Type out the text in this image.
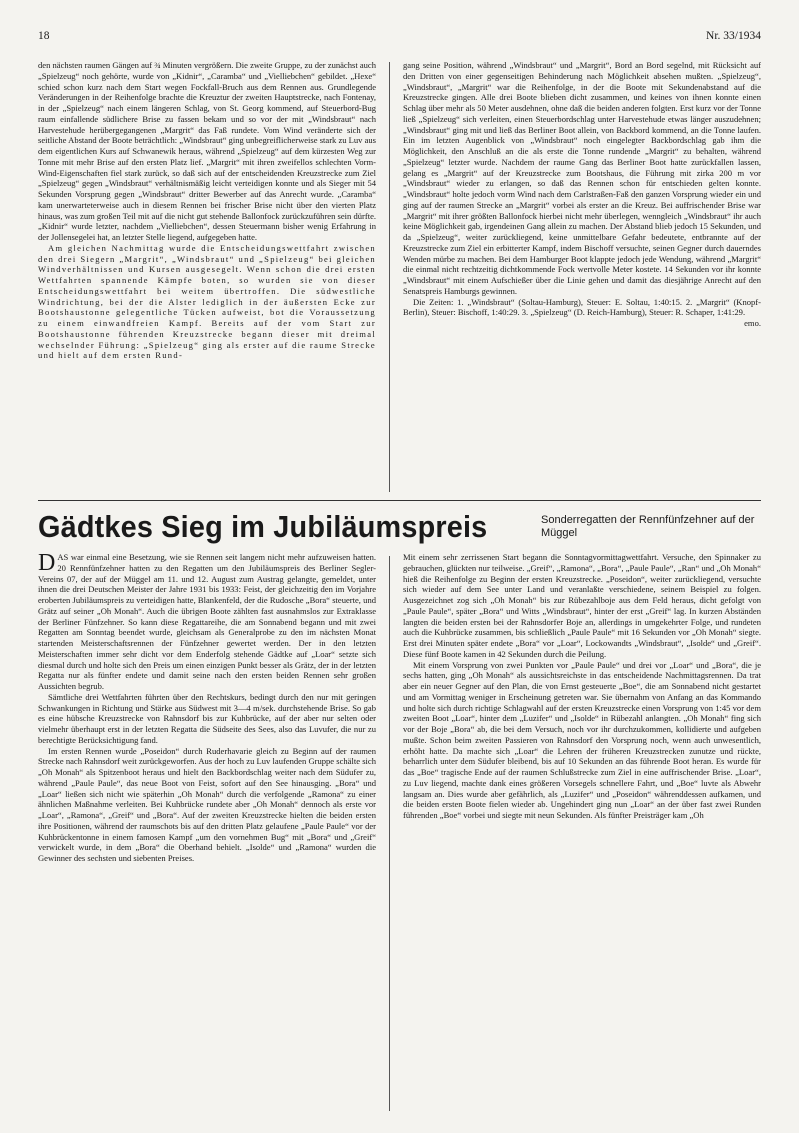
18	Nr. 33/1934

den nächsten raumen Gängen auf ¾ Minuten vergrößern. Die zweite Gruppe, zu der zunächst auch „Spielzeug“ noch gehörte, wurde von „Kidnir“, „Caramba“ und „Vielliebchen“ gebildet. „Hexe“ schied schon kurz nach dem Start wegen Fockfall-Bruch aus dem Rennen aus. Grundlegende Veränderungen in der Reihenfolge brachte die Kreuztur der zweiten Hauptstrecke, nach Fontenay, in der „Spielzeug“ nach einem längeren Schlag, von St. Georg kommend, auf Steuerbord-Bug raum einfallende südlichere Brise zu fassen bekam und so vor der mit „Windsbraut“ nach Harvestehude herübergegangenen „Margrit“ das Faß rundete. Vom Wind veränderte sich der seitliche Abstand der Boote beträchtlich: „Windsbraut“ ging unbegreiflicherweise stark zu Luv aus dem eigentlichen Kurs auf Schwanewik heraus, während „Spielzeug“ auf dem kürzesten Weg zur Tonne mit mehr Brise auf den ersten Platz lief. „Margrit“ mit ihren zweifellos schlechten Vorm-Wind-Eigenschaften fiel stark zurück, so daß sich auf der entscheidenden Kreuzstrecke zum Ziel „Spielzeug“ gegen „Windsbraut“ verhältnismäßig leicht verteidigen konnte und als Sieger mit 54 Sekunden Vorsprung gegen „Windsbraut“ dritter Bewerber auf das Anrecht wurde. „Caramba“ kam unerwarteterweise auch in diesem Rennen bei frischer Brise nicht über den vierten Platz hinaus, was zum großen Teil mit auf die nicht gut stehende Ballonfock zurückzuführen sein dürfte. „Kidnir“ wurde letzter, nachdem „Vielliebchen“, dessen Steuermann bisher wenig Erfahrung in der Jollensegelei hat, an letzter Stelle liegend, aufgegeben hatte.

Am gleichen Nachmittag wurde die Entscheidungswettfahrt zwischen den drei Siegern „Margrit“, „Windsbraut“ und „Spielzeug“ bei gleichen Windverhältnissen und Kursen ausgesegelt. Wenn schon die drei ersten Wettfahrten spannende Kämpfe boten, so wurden sie von dieser Entscheidungswettfahrt bei weitem übertroffen. Die südwestliche Windrichtung, bei der die Alster lediglich in der äußersten Ecke zur Bootshaustonne gelegentliche Tücken aufweist, bot die Voraussetzung zu einem einwandfreien Kampf. Bereits auf der vom Start zur Bootshaustonne führenden Kreuzstrecke begann dieser mit dreimal wechselnder Führung: „Spielzeug“ ging als erster auf die raume Strecke und hielt auf dem ersten Rund-

gang seine Position, während „Windsbraut“ und „Margrit“, Bord an Bord segelnd, mit Rücksicht auf den Dritten von einer gegenseitigen Behinderung nach Möglichkeit absehen mußten. „Spielzeug“, „Windsbraut“, „Margrit“ war die Reihenfolge, in der die Boote mit Sekundenabstand auf die Kreuzstrecke gingen. Alle drei Boote blieben dicht zusammen, und keines von ihnen konnte einen Schlag über mehr als 50 Meter ausdehnen, ohne daß die beiden anderen folgten. Erst kurz vor der Tonne ließ „Spielzeug“ sich verleiten, einen Steuerbordschlag unter Harvestehude etwas länger auszudehnen; „Windsbraut“ ging mit und ließ das Berliner Boot allein, von Backbord kommend, an die Tonne laufen. Ein im letzten Augenblick von „Windsbraut“ noch eingelegter Backbordschlag gab ihm die Möglichkeit, den Anschluß an die als erste die Tonne rundende „Margrit“ zu behalten, während „Spielzeug“ letzter wurde. Nachdem der raume Gang das Berliner Boot hatte zurückfallen lassen, gelang es „Margrit“ auf der Kreuzstrecke zum Bootshaus, die Führung mit zirka 200 m vor „Windsbraut“ wieder zu erlangen, so daß das Rennen schon für entschieden gelten konnte. „Windsbraut“ holte jedoch vorm Wind nach dem Carlstraßen-Faß den ganzen Vorsprung wieder ein und ging auf der raumen Strecke an „Margrit“ vorbei als erster an die Kreuz. Bei auffrischender Brise war „Margrit“ mit ihrer größten Ballonfock hierbei nicht mehr überlegen, wenngleich „Windsbraut“ ihr auch keine Möglichkeit gab, irgendeinen Gang allein zu machen. Der Abstand blieb jedoch 15 Sekunden, und da „Spielzeug“, weiter zurückliegend, keine unmittelbare Gefahr bedeutete, entbrannte auf der Kreuzstrecke zum Ziel ein erbitterter Kampf, indem Bischoff versuchte, seinen Gegner durch dauerndes Wenden mürbe zu machen. Bei dem Hamburger Boot klappte jedoch jede Wendung, während „Margrit“ die einmal nicht rechtzeitig dichtkommende Fock wertvolle Meter kostete. 14 Sekunden vor ihr konnte „Windsbraut“ mit einem Aufschießer über die Linie gehen und damit das diesjährige Anrecht auf den Senatspreis Hamburgs gewinnen.

Die Zeiten: 1. „Windsbraut“ (Soltau-Hamburg), Steuer: E. Soltau, 1:40:15. 2. „Margrit“ (Knopf-Berlin), Steuer: Bischoff, 1:40:29. 3. „Spielzeug“ (D. Reich-Hamburg), Steuer: R. Schaper, 1:41:29.

emo.

Gädtkes Sieg im Jubiläumspreis	Sonderregatten der Rennfünfzehner auf der Müggel

DAS war einmal eine Besetzung, wie sie Rennen seit langem nicht mehr aufzuweisen hatten. 20 Rennfünfzehner hatten zu den Regatten um den Jubiläumspreis des Berliner Segler-Vereins 07, der auf der Müggel am 11. und 12. August zum Austrag gelangte, gemeldet, unter ihnen die drei Deutschen Meister der Jahre 1931 bis 1933: Feist, der gleichzeitig den im Vorjahre eroberten Jubiläumspreis zu verteidigen hatte, Blankenfeld, der die Rudosche „Bora“ steuerte, und Grätz auf seiner „Oh Monah“. Auch die übrigen Boote zählten fast ausnahmslos zur Extraklasse der Berliner Fünfzehner. So kann diese Regattareihe, die am Sonnabend begann und mit zwei Regatten am Sonntag beendet wurde, gleichsam als Generalprobe zu den im nächsten Monat startenden Meisterschaftsrennen der Fünfzehner gewertet werden. Der in den letzten Meisterschaften immer sehr dicht vor dem Enderfolg stehende Gädtke auf „Loar“ setzte sich diesmal durch und holte sich den Preis um einen einzigen Punkt besser als Grätz, der in der letzten Regatta nur als fünfter endete und damit seine nach den ersten beiden Rennen sehr großen Aussichten begrub.

Sämtliche drei Wettfahrten führten über den Rechtskurs, bedingt durch den nur mit geringen Schwankungen in Richtung und Stärke aus Südwest mit 3—4 m/sek. durchstehende Brise. So gab es eine hübsche Kreuzstrecke von Rahnsdorf bis zur Kuhbrücke, auf der aber nur selten oder vielmehr überhaupt erst in der letzten Regatta die Südseite des Sees, also das Luvufer, die nur zu berechtigte Berücksichtigung fand.

Im ersten Rennen wurde „Poseidon“ durch Ruderhavarie gleich zu Beginn auf der raumen Strecke nach Rahnsdorf weit zurückgeworfen. Aus der hoch zu Luv laufenden Gruppe schälte sich „Oh Monah“ als Spitzenboot heraus und hielt den Backbordschlag weiter nach dem Südufer zu, während „Paule Paule“, das neue Boot von Feist, sofort auf den See hinausging. „Bora“ und „Loar“ ließen sich nicht wie späterhin „Oh Monah“ durch die verfolgende „Ramona“ zu einer ähnlichen Maßnahme verleiten. Bei Kuhbrücke rundete aber „Oh Monah“ dennoch als erste vor „Loar“, „Ramona“, „Greif“ und „Bora“. Auf der zweiten Kreuzstrecke hielten die beiden ersten ihre Positionen, während der raumschots bis auf den dritten Platz gelaufene „Paule Paule“ vor der Kuhbrückentonne in einem famosen Kampf „um den vornehmen Bug“ mit „Bora“ und „Greif“ verwickelt wurde, in dem „Bora“ die Oberhand behielt. „Isolde“ und „Ramona“ wurden die Gewinner des sechsten und siebenten Preises.

Mit einem sehr zerrissenen Start begann die Sonntagvormittagwettfahrt. Versuche, den Spinnaker zu gebrauchen, glückten nur teilweise. „Greif“, „Ramona“, „Bora“, „Paule Paule“, „Ran“ und „Oh Monah“ hieß die Reihenfolge zu Beginn der ersten Kreuzstrecke. „Poseidon“, weiter zurückliegend, versuchte sich wieder auf dem See unter Land und veranlaßte verschiedene, seinem Beispiel zu folgen. Ausgezeichnet zog sich „Oh Monah“ bis zur Rübezahlboje aus dem Feld heraus, dicht gefolgt von „Paule Paule“, später „Bora“ und Witts „Windsbraut“, hinter der erst „Greif“ lag. In kurzen Abständen langten die beiden ersten bei der Rahnsdorfer Boje an, allerdings in umgekehrter Folge, und rundeten auch die Kuhbrücke zusammen, bis schließlich „Paule Paule“ mit 16 Sekunden vor „Oh Monah“ siegte. Erst drei Minuten später endete „Bora“ vor „Loar“, Lockowandts „Windsbraut“, „Isolde“ und „Greif“. Diese fünf Boote kamen in 42 Sekunden durch die Peilung.

Mit einem Vorsprung von zwei Punkten vor „Paule Paule“ und drei vor „Loar“ und „Bora“, die je sechs hatten, ging „Oh Monah“ als aussichtsreichste in das entscheidende Nachmittagsrennen. Da trat aber ein neuer Gegner auf den Plan, die von Ernst gesteuerte „Boe“, die am Sonnabend nicht gestartet und am Vormittag weniger in Erscheinung getreten war. Sie übernahm von Anfang an das Kommando und holte sich durch richtige Schlagwahl auf der ersten Kreuzstrecke einen Vorsprung von 1:45 vor dem zweiten Boot „Loar“, hinter dem „Luzifer“ und „Isolde“ in Rübezahl anlangten. „Oh Monah“ fing sich vor der Boje „Bora“ ab, die bei dem Versuch, noch vor ihr durchzukommen, kollidierte und aufgeben mußte. Schon beim zweiten Passieren von Rahnsdorf den Vorsprung noch, wenn auch unwesentlich, erhöht hatte. Da machte sich „Loar“ die Lehren der früheren Kreuzstrecken zunutze und rückte, beharrlich unter dem Südufer bleibend, bis auf 10 Sekunden an das führende Boot heran. Es wurde für das „Boe“ tragische Ende auf der raumen Schlußstrecke zum Ziel in eine auffrischender Brise. „Loar“, zu Luv liegend, machte dank eines größeren Vorsegels schnellere Fahrt, und „Boe“ luvte als Abwehr langsam an. Dies wurde aber gefährlich, als „Luzifer“ und „Poseidon“ währenddessen aufkamen, und die beiden ersten Boote fielen wieder ab. Ungehindert ging nun „Loar“ an der über fast zwei Runden führenden „Boe“ vorbei und siegte mit neun Sekunden. Als fünfter Preisträger kam „Oh
